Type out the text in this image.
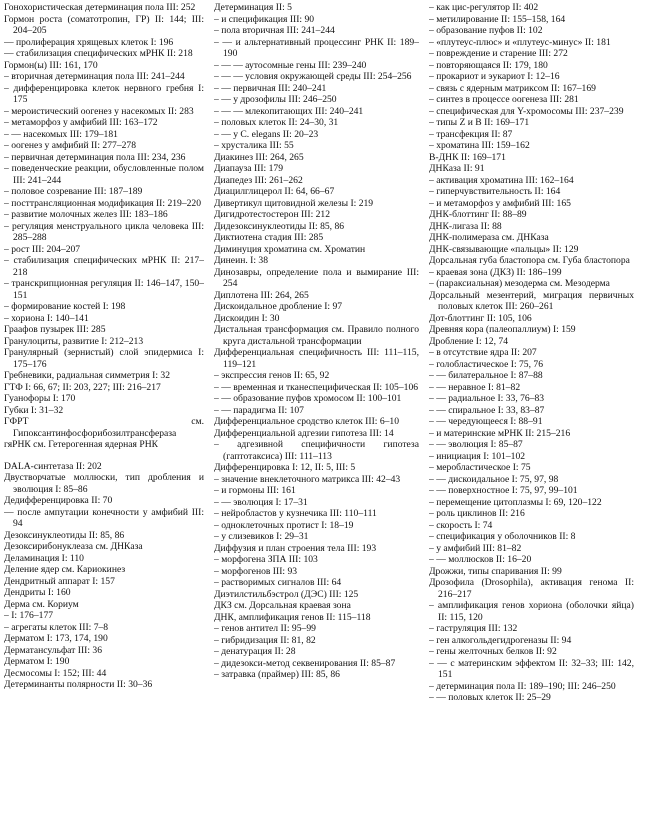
Гонохористическая детерминация пола III: 252

Гормон роста (соматотропин, ГР) II: 144; III: 204–205

— пролиферация хрящевых клеток I: 196

— стабилизация специфических мРНК II: 218

Гормон(ы) III: 161, 170

– вторичная детерминация пола III: 241–244

– дифференцировка клеток нервного гребня I: 175

– мероистический оогенез у насекомых II: 283

– метаморфоз у амфибий III: 163–172

– — насекомых III: 179–181

– оогенез у амфибий II: 277–278

– первичная детерминация пола III: 234, 236

– поведенческие реакции, обусловленные полом III: 241–244

– половое созревание III: 187–189

– посттрансляционная модификация II: 219–220

– развитие молочных желез III: 183–186

– регуляция менструального цикла человека III: 285–288

– рост III: 204–207

– стабилизация специфических мРНК II: 217–218

– транскрипционная регуляция II: 146–147, 150–151

– формирование костей I: 198

– хориона I: 140–141

Граафов пузырек III: 285

Гранулоциты, развитие I: 212–213

Гранулярный (зернистый) слой эпидермиса I: 175–176

Гребневики, радиальная симметрия I: 32

ГТФ I: 66, 67; II: 203, 227; III: 216–217

Гуанофоры I: 170

Губки I: 31–32

ГФРТ см. Гипоксантинфосфорибозилтрансфераза

гяРНК см. Гетерогенная ядерная РНК

DALA-синтетаза II: 202

Двустворчатые моллюски, тип дробления и эволюция I: 85–86

Дедифференцировка II: 70

— после ампутации конечности у амфибий III: 94

Дезоксинуклеотиды II: 85, 86

Дезоксирибонуклеаза см. ДНКаза

Деламинация I: 110

Деление ядер см. Кариокинез

Дендритный аппарат I: 157

Дендриты I: 160

Дерма см. Кориум

– I: 176–177

– агрегаты клеток III: 7–8

Дерматом I: 173, 174, 190

Дерматансульфат III: 36

Дерматом I: 190

Десмосомы I: 152; III: 44

Детерминанты полярности II: 30–36

Детерминация II: 5

– и спецификация III: 90

– пола вторичная III: 241–244

– — и альтернативный процессинг РНК II: 189–190

– — — аутосомные гены III: 239–240

– — — условия окружающей среды III: 254–256

– — первичная III: 240–241

– — у дрозофилы III: 246–250

– — — млекопитающих III: 240–241

– половых клеток II: 24–30, 31

– — у C. elegans II: 20–23

– хрусталика III: 55

Диакинез III: 264, 265

Диапауза III: 179

Диапедез III: 261–262

Диацилглицерол II: 64, 66–67

Дивертикул щитовидной железы I: 219

Дигидротестостерон III: 212

Дидезоксинуклеотиды II: 85, 86

Диктиотена стадия III: 285

Диминуция хроматина см. Хроматин

Динеин. I: 38

Динозавры, определение пола и вымирание III: 254

Диплотена III: 264, 265

Дискоидальное дробление I: 97

Дискоидин I: 30

Дистальная трансформация см. Правило полного круга дистальной трансформации

Дифференциальная специфичность III: 111–115, 119–121

– экспрессия генов II: 65, 92

– — временная и тканеспецифическая II: 105–106

– — образование пуфов хромосом II: 100–101

– — парадигма II: 107

Дифференциальное сродство клеток III: 6–10

Дифференциальной адгезии гипотеза III: 14

– адгезивной специфичности гипотеза (гаптотаксиса) III: 111–113

Дифференцировка I: 12, II: 5, III: 5

– значение внеклеточного матрикса III: 42–43

– и гормоны III: 161

– — эволюция I: 17–31

– нейробластов у кузнечика III: 110–111

– одноклеточных протист I: 18–19

– у слизевиков I: 29–31

Диффузия и план строения тела III: 193

– морфогена ЗПА III: 103

– морфогенов III: 93

– растворимых сигналов III: 64

Диэтилстильбэстрол (ДЭС) III: 125

ДКЗ см. Дорсальная краевая зона

ДНК, амплификация генов II: 115–118

– генов антител II: 95–99

– гибридизация II: 81, 82

– денатурация II: 28

– дидезокси-метод секвенирования II: 85–87

– затравка (праймер) III: 85, 86

– как цис-регулятор II: 402

– метилирование II: 155–158, 164

– образование пуфов II: 102

– «плутеус-плюс» и «плутеус-минус» II: 181

– повреждение и старение III: 272

– повторяющаяся II: 179, 180

– прокариот и эукариот I: 12–16

– связь с ядерным матриксом II: 167–169

– синтез в процессе оогенеза III: 281

– специфическая для Y-хромосомы III: 237–239

– типы Z и B II: 169–171

– трансфекция II: 87

– хроматина III: 159–162

В-ДНК II: 169–171

ДНКаза II: 91

– активация хроматина III: 162–164

– гиперчувствительность II: 164

– и метаморфоз у амфибий III: 165

ДНК-блоттинг II: 88–89

ДНК-лигаза II: 88

ДНК-полимераза см. ДНКаза

ДНК-связывающие «пальцы» II: 129

Дорсальная губа бластопора см. Губа бластопора

– краевая зона (ДКЗ) II: 186–199

– (параксиальная) мезодерма см. Мезодерма

Дорсальный мезентерий, миграция первичных половых клеток III: 260–261

Дот-блоттинг II: 105, 106

Древняя кора (палеопаллиум) I: 159

Дробление I: 12, 74

– в отсутствие ядра II: 207

– голобластическое I: 75, 76

– — билатеральное I: 87–88

– — неравное I: 81–82

– — радиальное I: 33, 76–83

– — спиральное I: 33, 83–87

– — чередующееся I: 88–91

– и материнские мРНК II: 215–216

– — эволюция I: 85–87

– инициация I: 101–102

– меробластическое I: 75

– — дискоидальное I: 75, 97, 98

– — поверхностное I: 75, 97, 99–101

– перемещение цитоплазмы I: 69, 120–122

– роль циклинов II: 216

– скорость I: 74

– спецификация у оболочников II: 8

– у амфибий III: 81–82

– — моллюсков II: 16–20

Дрожжи, типы спаривания II: 99

Дрозофила (Drosophila), активация генома II: 216–217

– амплификация генов хориона (оболочки яйца) II: 115, 120

– гаструляция III: 132

– ген алкогольдегидрогеназы II: 94

– гены желточных белков II: 92

– — с материнским эффектом II: 32–33; III: 142, 151

– детерминация пола II: 189–190; III: 246–250

– — половых клеток II: 25–29
